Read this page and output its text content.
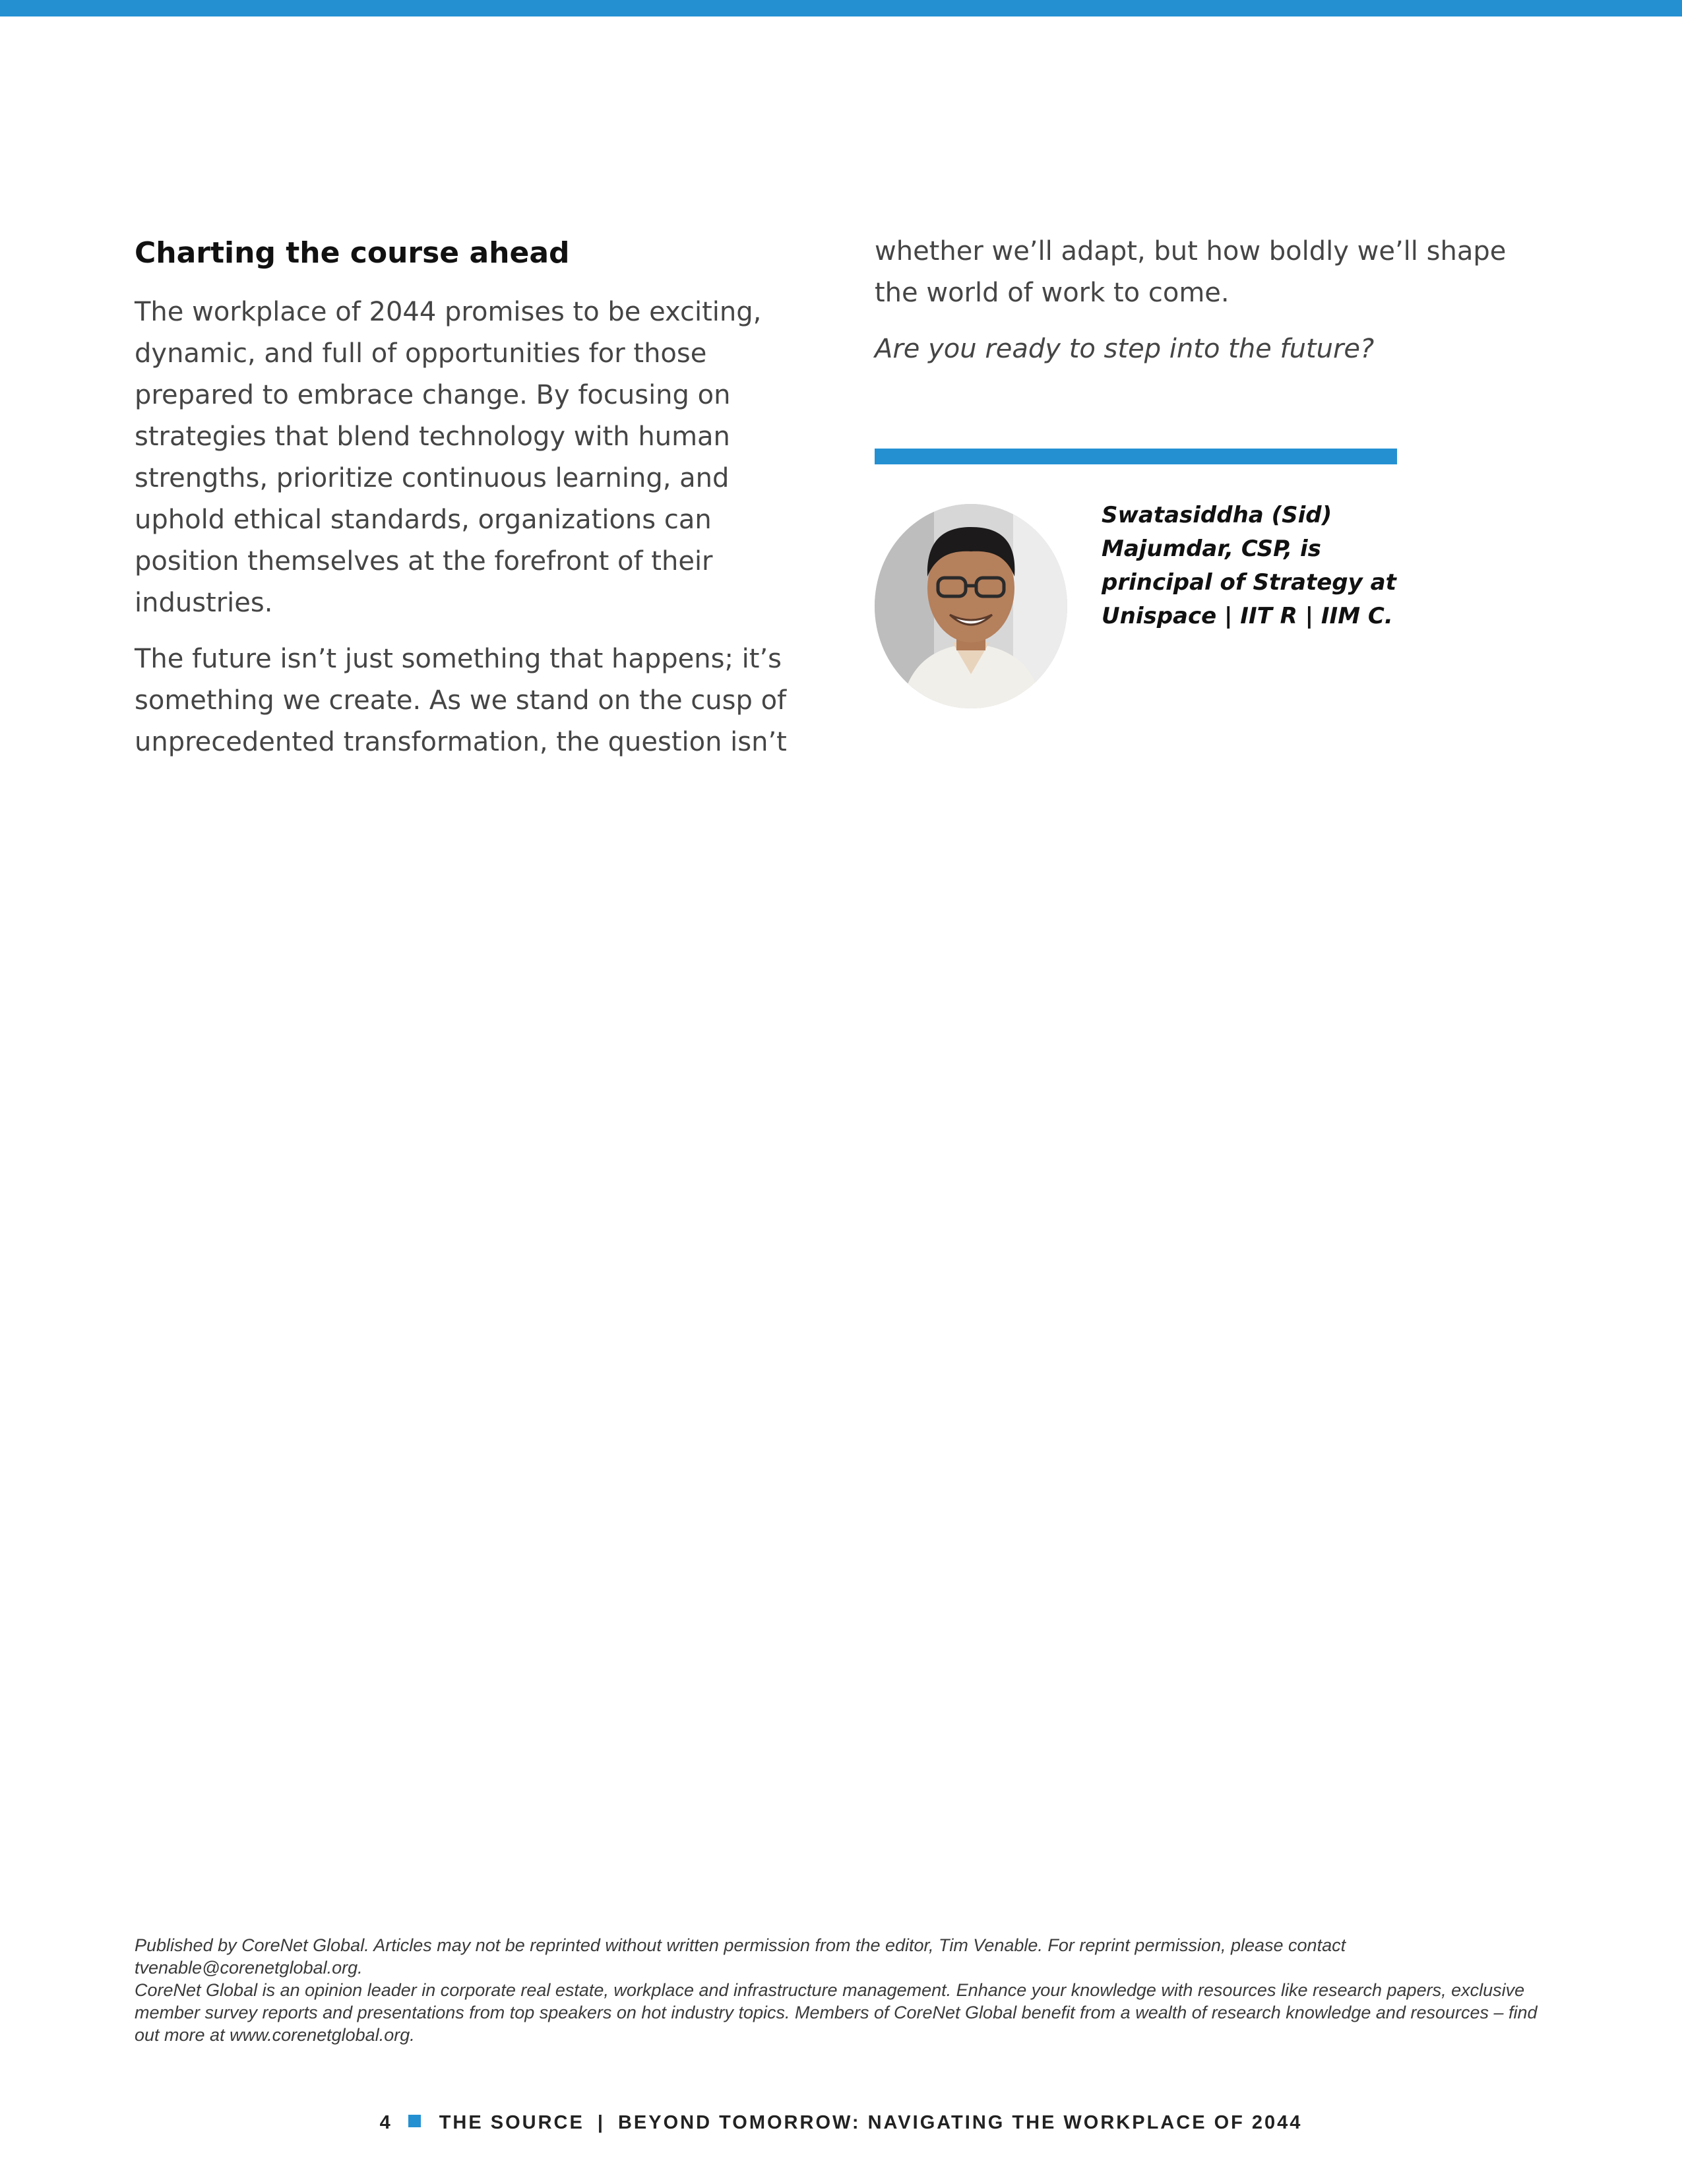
Charting the course ahead

The workplace of 2044 promises to be exciting, dynamic, and full of opportunities for those prepared to embrace change. By focusing on strategies that blend technology with human strengths, prioritize continuous learning, and uphold ethical standards, organizations can position themselves at the forefront of their industries.

The future isn’t just something that happens; it’s something we create. As we stand on the cusp of unprecedented transformation, the question isn’t

whether we’ll adapt, but how boldly we’ll shape the world of work to come.

Are you ready to step into the future?

Swatasiddha (Sid) Majumdar, CSP, is principal of Strategy at Unispace | IIT R | IIM C.

Published by CoreNet Global. Articles may not be reprinted without written permission from the editor, Tim Venable. For reprint permission, please contact tvenable@corenetglobal.org.

CoreNet Global is an opinion leader in corporate real estate, workplace and infrastructure management. Enhance your knowledge with resources like research papers, exclusive member survey reports and presentations from top speakers on hot industry topics. Members of CoreNet Global benefit from a wealth of research knowledge and resources – find out more at www.corenetglobal.org.

4 THE SOURCE | BEYOND TOMORROW: NAVIGATING THE WORKPLACE OF 2044
